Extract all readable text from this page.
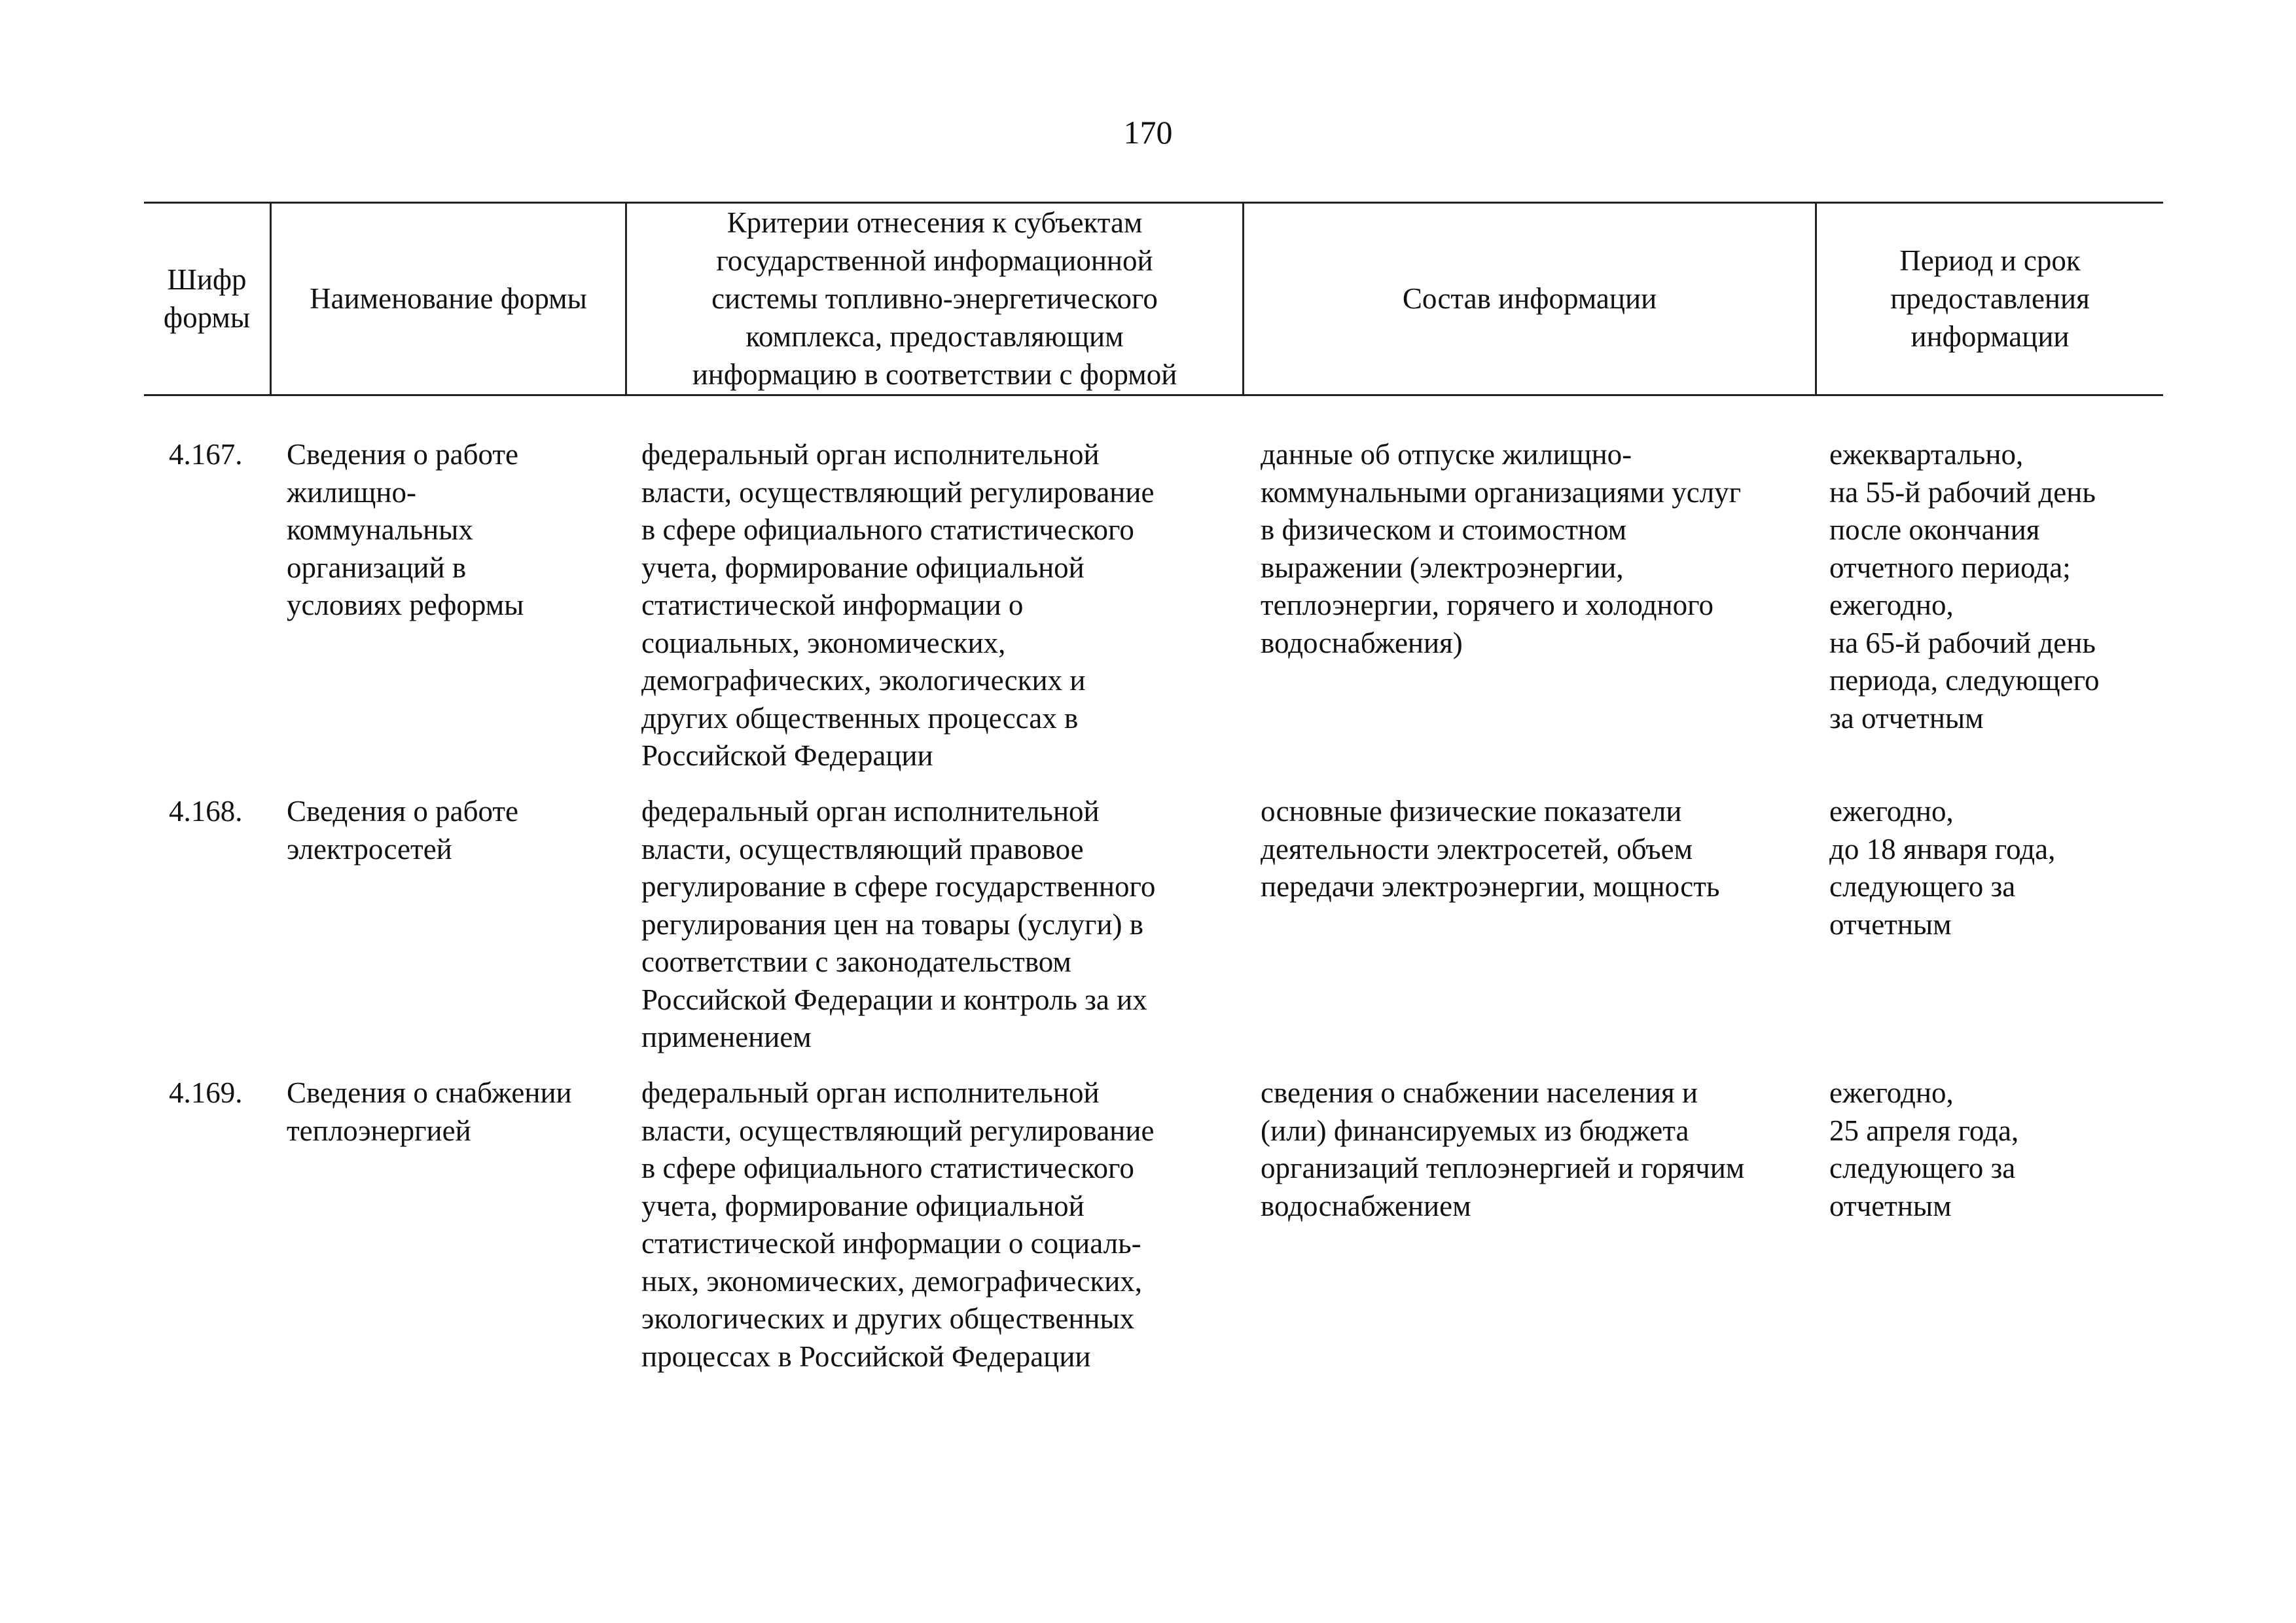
170
Шифр
формы
Наименование формы
Критерии отнесения к субъектам
государственной информационной
системы топливно-энергетического
комплекса, предоставляющим
информацию в соответствии с формой
Состав информации
Период и срок
предоставления
информации
4.167. Сведения о работе
жилищно-
коммунальных
организаций в
условиях реформы
федеральный орган исполнительной
власти, осуществляющий регулирование
в сфере официального статистического
учета, формирование официальной
статистической информации о
социальных, экономических,
демографических, экологических и
других общественных процессах в
Российской Федерации
данные об отпуске жилищно-
коммунальными организациями услуг
в физическом и стоимостном
выражении (электроэнергии,
теплоэнергии, горячего и холодного
водоснабжения)
ежеквартально,
на 55-й рабочий день
после окончания
отчетного периода;
ежегодно,
на 65-й рабочий день
периода, следующего
за отчетным
4.168. Сведения о работе
электросетей
федеральный орган исполнительной
власти, осуществляющий правовое
регулирование в сфере государственного
регулирования цен на товары (услуги) в
соответствии с законодательством
Российской Федерации и контроль за их
применением
основные физические показатели
деятельности электросетей, объем
передачи электроэнергии, мощность
ежегодно,
до 18 января года,
следующего за
отчетным
4.169. Сведения о снабжении
теплоэнергией
федеральный орган исполнительной
власти, осуществляющий регулирование
в сфере официального статистического
учета, формирование официальной
статистической информации о социаль-
ных, экономических, демографических,
экологических и других общественных
процессах в Российской Федерации
сведения о снабжении населения и
(или) финансируемых из бюджета
организаций теплоэнергией и горячим
водоснабжением
ежегодно,
25 апреля года,
следующего за
отчетным
